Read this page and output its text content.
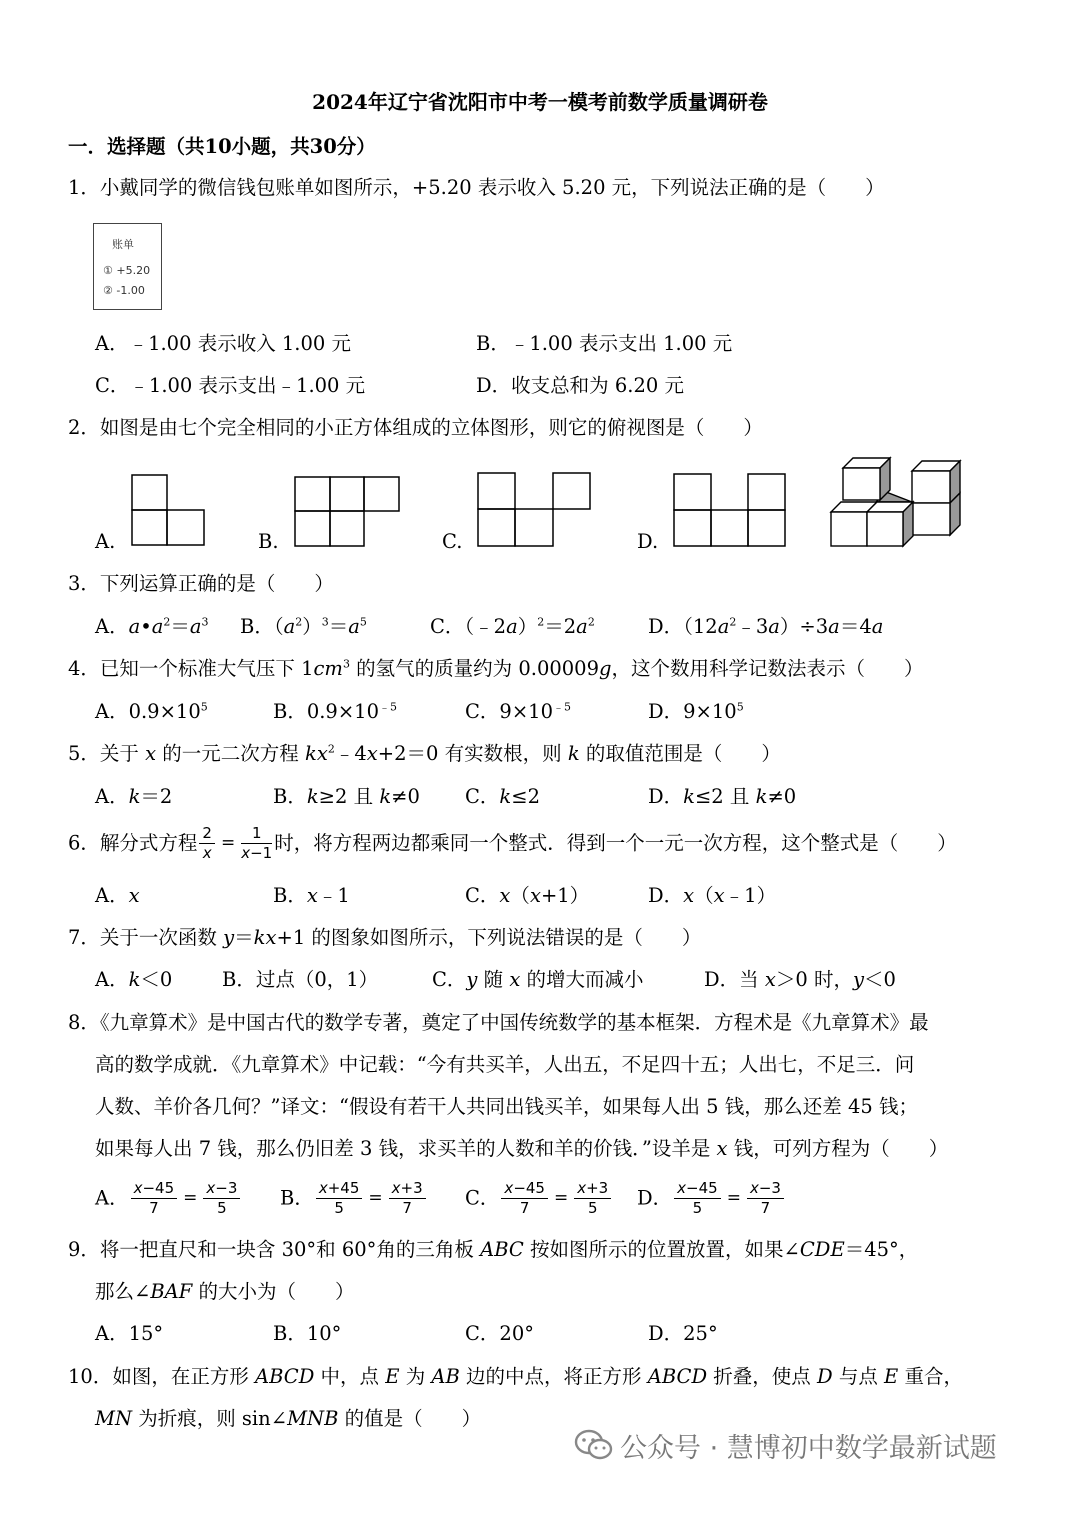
2024年辽宁省沈阳市中考一模考前数学质量调研卷
一．选择题（共10小题，共30分）
1．小戴同学的微信钱包账单如图所示，+5.20 表示收入 5.20 元，下列说法正确的是（　　）
账单
① +5.20
② -1.00
A．﹣1.00 表示收入 1.00 元	B．﹣1.00 表示支出 1.00 元
C．﹣1.00 表示支出﹣1.00 元	D．收支总和为 6.20 元
2．如图是由七个完全相同的小正方体组成的立体图形，则它的俯视图是（　　）
A.	B.	C.	D.
3．下列运算正确的是（　　）
A．$a•a^2=a^3$ B．$(a^2)^3=a^5$	C．$(﹣2a)^2=2a^2$	D．$(12a^2﹣3a)\div 3a=4a$
4．已知一个标准大气压下 $1cm^3$ 的氢气的质量约为 0.00009g，这个数用科学记数法表示（　　）
A．$0.9\times 10^5$	B．$0.9\times 10^{﹣5}$	C．$9\times 10^{﹣5}$	D．$9\times 10^5$
5．关于 x 的一元二次方程 $kx^2﹣4x+2=0$ 有实数根，则 k 的取值范围是（　　）
A．k＝2	B．k≥2 且 k≠0 C．k≤2	D．k≤2 且 k≠0
6．解分式方程 $\frac{2}{x} = \frac{1}{x-1}$ 时，将方程两边都乘同一个整式．得到一个一元一次方程，这个整式是（　　）
A．x	B．x﹣1	C．x（x+1）	D．x（x﹣1）
7．关于一次函数 y＝kx+1 的图象如图所示，下列说法错误的是（　　）
A．k＜0	B．过点（0，1）	C．y 随 x 的增大而减小	D．当 x＞0 时，y＜0
8．《九章算术》是中国古代的数学专著，奠定了中国传统数学的基本框架．方程术是《九章算术》最
高的数学成就．《九章算术》中记载：“今有共买羊，人出五，不足四十五；人出七，不足三．问
人数、羊价各几何？”译文：“假设有若干人共同出钱买羊，如果每人出 5 钱，那么还差 45 钱；
如果每人出 7 钱，那么仍旧差 3 钱，求买羊的人数和羊的价钱．”设羊是 x 钱，可列方程为（　　）
A． $\frac{x-45}{7} = \frac{x-3}{5}$ B． $\frac{x+45}{5} = \frac{x+3}{7}$ C． $\frac{x-45}{7} = \frac{x+3}{5}$ D． $\frac{x-45}{5} = \frac{x-3}{7}$
9．将一把直尺和一块含 30°和 60°角的三角板 ABC 按如图所示的位置放置，如果∠CDE＝45°，
那么∠BAF 的大小为（　　）
A．15°	B．10°	C．20°	D．25°
10．如图，在正方形 ABCD 中，点 E 为 AB 边的中点，将正方形 ABCD 折叠，使点 D 与点 E 重合，
MN 为折痕，则 sin∠MNB 的值是（　　）
公众号 · 慧博初中数学最新试题
